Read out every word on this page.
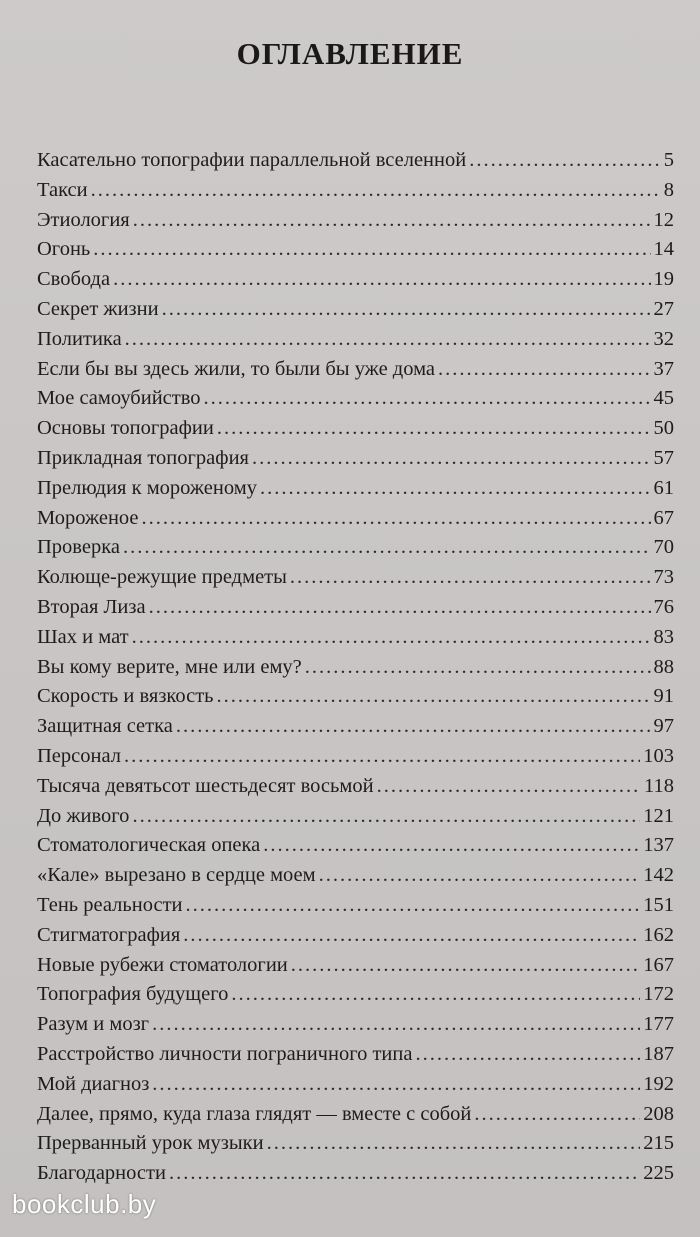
ОГЛАВЛЕНИЕ
Касательно топографии параллельной вселенной .....	5
Такси .....	8
Этиология .....	12
Огонь .....	14
Свобода .....	19
Секрет жизни .....	27
Политика .....	32
Если бы вы здесь жили, то были бы уже дома .....	37
Мое самоубийство .....	45
Основы топографии .....	50
Прикладная топография .....	57
Прелюдия к мороженому .....	61
Мороженое .....	67
Проверка .....	70
Колюще-режущие предметы .....	73
Вторая Лиза .....	76
Шах и мат .....	83
Вы кому верите, мне или ему? .....	88
Скорость и вязкость .....	91
Защитная сетка .....	97
Персонал .....	103
Тысяча девятьсот шестьдесят восьмой .....	118
До живого .....	121
Стоматологическая опека .....	137
«Кале» вырезано в сердце моем .....	142
Тень реальности .....	151
Стигматография .....	162
Новые рубежи стоматологии .....	167
Топография будущего .....	172
Разум и мозг .....	177
Расстройство личности пограничного типа .....	187
Мой диагноз .....	192
Далее, прямо, куда глаза глядят — вместе с собой .....	208
Прерванный урок музыки .....	215
Благодарности .....	225
bookclub.by
